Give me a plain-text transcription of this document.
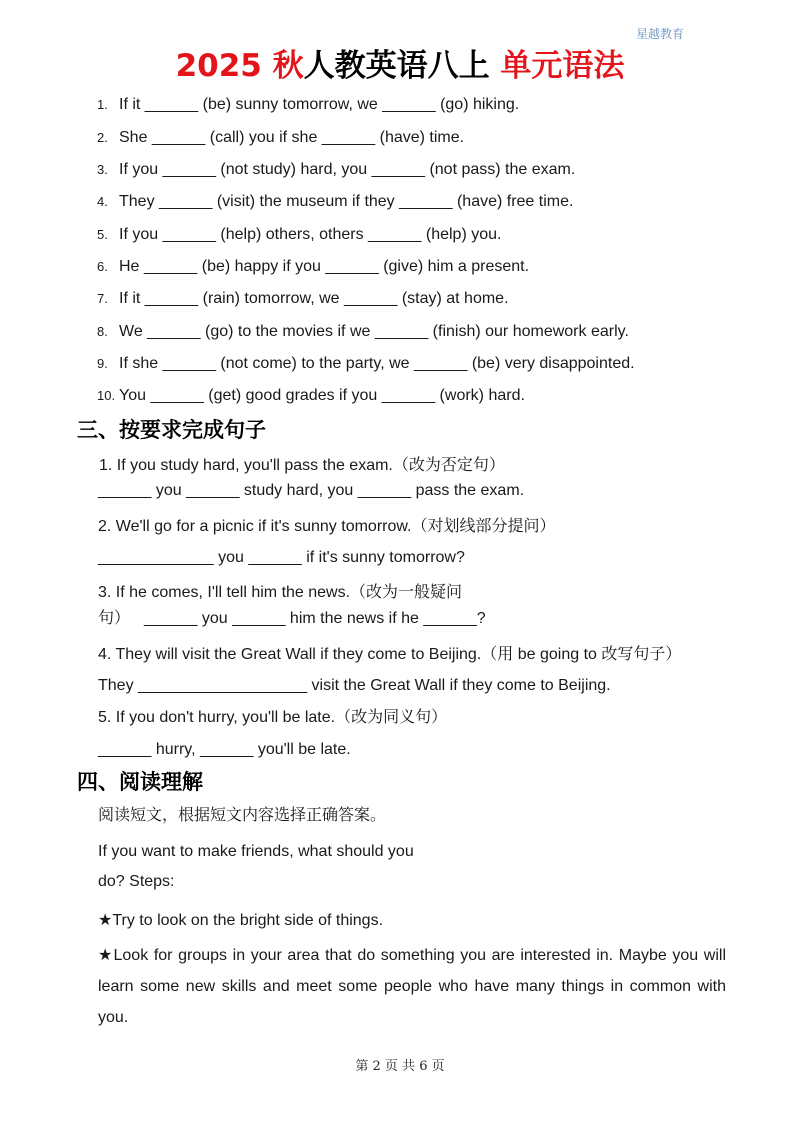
星越教育
2025 秋人教英语八上 单元语法
1. If it ______ (be) sunny tomorrow, we ______ (go) hiking.
2. She ______ (call) you if she ______ (have) time.
3. If you ______ (not study) hard, you ______ (not pass) the exam.
4. They ______ (visit) the museum if they ______ (have) free time.
5. If you ______ (help) others, others ______ (help) you.
6. He ______ (be) happy if you ______ (give) him a present.
7. If it ______ (rain) tomorrow, we ______ (stay) at home.
8. We ______ (go) to the movies if we ______ (finish) our homework early.
9. If she ______ (not come) to the party, we ______ (be) very disappointed.
10. You ______ (get) good grades if you ______ (work) hard.
三、按要求完成句子
1. If you study hard, you'll pass the exam.（改为否定句）
______ you ______ study hard, you ______ pass the exam.
2. We'll go for a picnic if it's sunny tomorrow.（对划线部分提问）
_____________ you ______ if it's sunny tomorrow?
3. If he comes, I'll tell him the news.（改为一般疑问
句） ______ you ______ him the news if he ______?
4. They will visit the Great Wall if they come to Beijing.（用 be going to 改写句子）
They ___________________ visit the Great Wall if they come to Beijing.
5. If you don't hurry, you'll be late.（改为同义句）
______ hurry, ______ you'll be late.
四、阅读理解
阅读短文，根据短文内容选择正确答案。
If you want to make friends, what should you
do? Steps:
★Try to look on the bright side of things.
★Look for groups in your area that do something you are interested in. Maybe you will learn some new skills and meet some people who have many things in common with you.
第 2 页 共 6 页
